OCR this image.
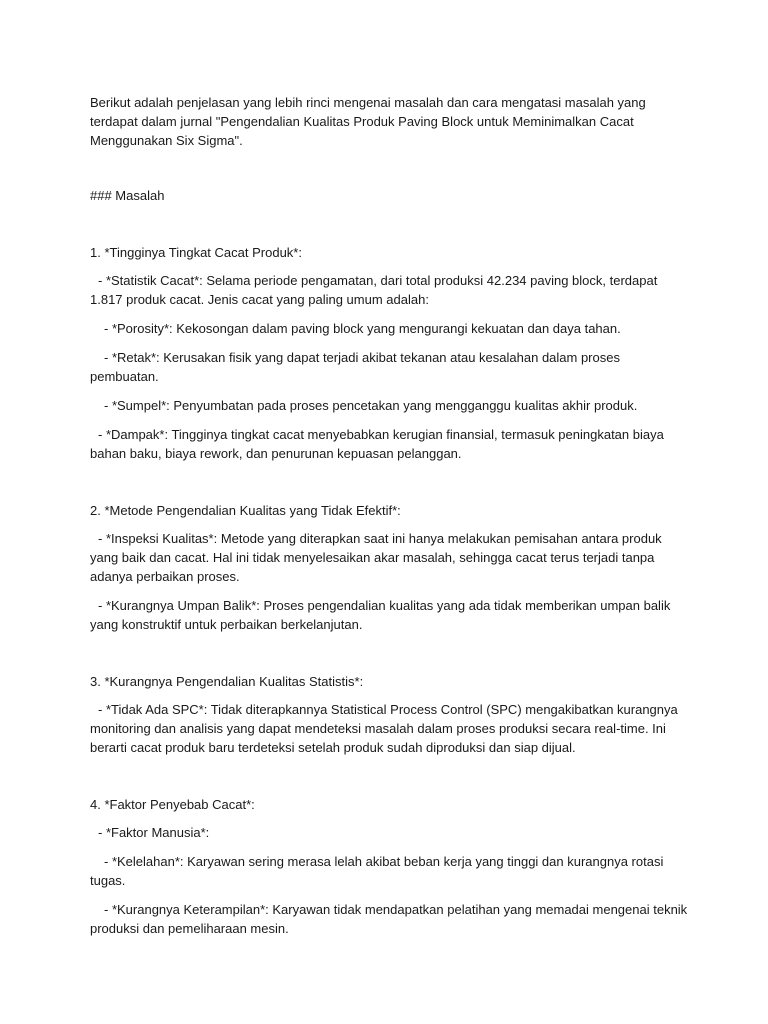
Berikut adalah penjelasan yang lebih rinci mengenai masalah dan cara mengatasi masalah yang terdapat dalam jurnal "Pengendalian Kualitas Produk Paving Block untuk Meminimalkan Cacat Menggunakan Six Sigma".

### Masalah

1. *Tingginya Tingkat Cacat Produk*:

- *Statistik Cacat*: Selama periode pengamatan, dari total produksi 42.234 paving block, terdapat 1.817 produk cacat. Jenis cacat yang paling umum adalah:

- *Porosity*: Kekosongan dalam paving block yang mengurangi kekuatan dan daya tahan.

- *Retak*: Kerusakan fisik yang dapat terjadi akibat tekanan atau kesalahan dalam proses pembuatan.

- *Sumpel*: Penyumbatan pada proses pencetakan yang mengganggu kualitas akhir produk.

- *Dampak*: Tingginya tingkat cacat menyebabkan kerugian finansial, termasuk peningkatan biaya bahan baku, biaya rework, dan penurunan kepuasan pelanggan.

2. *Metode Pengendalian Kualitas yang Tidak Efektif*:

- *Inspeksi Kualitas*: Metode yang diterapkan saat ini hanya melakukan pemisahan antara produk yang baik dan cacat. Hal ini tidak menyelesaikan akar masalah, sehingga cacat terus terjadi tanpa adanya perbaikan proses.

- *Kurangnya Umpan Balik*: Proses pengendalian kualitas yang ada tidak memberikan umpan balik yang konstruktif untuk perbaikan berkelanjutan.

3. *Kurangnya Pengendalian Kualitas Statistis*:

- *Tidak Ada SPC*: Tidak diterapkannya Statistical Process Control (SPC) mengakibatkan kurangnya monitoring dan analisis yang dapat mendeteksi masalah dalam proses produksi secara real-time. Ini berarti cacat produk baru terdeteksi setelah produk sudah diproduksi dan siap dijual.

4. *Faktor Penyebab Cacat*:

- *Faktor Manusia*:

- *Kelelahan*: Karyawan sering merasa lelah akibat beban kerja yang tinggi dan kurangnya rotasi tugas.

- *Kurangnya Keterampilan*: Karyawan tidak mendapatkan pelatihan yang memadai mengenai teknik produksi dan pemeliharaan mesin.
